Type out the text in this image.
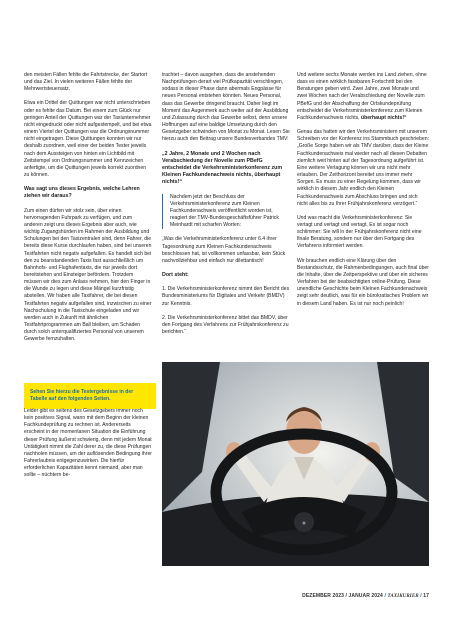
den meisten Fällen fehlte die Fahrtstrecke, der Startort und das Ziel. In vielen weiteren Fällen fehlte der Mehrwertsteuersatz.

Etwa ein Drittel der Quittungen war nicht unterschrieben oder es fehlte das Datum. Bei einem zum Glück nur geringen Anteil der Quittungen war der Taxiunternehmer nicht eingedruckt oder nicht aufgestempelt, und bei etwa einem Viertel der Quittungen war die Ordnungsnummer nicht eingetragen. Diese Quittungen konnten wir nur deshalb zuordnen, weil einer der beiden Tester jeweils nach dem Aussteigen von hinten ein Lichtbild mit Zeitstempel von Ordnungsnummer und Kennzeichen anfertigte, um die Quittungen jeweils korrekt zuordnen zu können.

Was sagt uns dieses Ergebnis, welche Lehren ziehen wir daraus?

Zum einen dürfen wir stolz sein, über einen hervorragenden Fuhrpark zu verfügen, und zum anderen zeigt uns dieses Ergebnis aber auch, wie wichtig Zugangshürden im Rahmen der Ausbildung und Schulungen bei den Taxizentralen sind, denn Fahrer, die bereits diese Kurse durchlaufen haben, sind bei unseren Testfahrten nicht negativ aufgefallen. Es handelt sich bei den zu beanstandenden Taxis fast ausschließlich um Bahnhofs- und Flughafentaxis, die nur jeweils dort bereitstehen und Einsteiger befördern. Trotzdem müssen wir dies zum Anlass nehmen, hier den Finger in die Wunde zu legen und diese Mängel kurzfristig abstellen. Wir haben alle Taxifahrer, die bei diesen Testfahrten negativ aufgefallen sind, inzwischen zu einer Nachschulung in die Taxischule eingeladen und wir werden auch in Zukunft mit ähnlichen Testfahrtprogrammen am Ball bleiben, um Schaden durch solch unterqualifiziertes Personal von unserem Gewerbe fernzuhalten.

Sehen Sie hierzu die Testergebnisse in der Tabelle auf den folgenden Seiten.

Leider gibt es seitens des Gesetzgebers immer noch kein positives Signal, wann mit dem Beginn der kleinen Fachkundeprüfung zu rechnen ist. Andererseits erscheint in der momentanen Situation die Einführung dieser Prüfung äußerst schwierig, denn mit jedem Monat Untätigkeit nimmt die Zahl derer zu, die diese Prüfungen nachholen müssen, um der auflösenden Bedingung ihrer Fahrerlaubnis entgegenzuwirken. Die hierfür erforderlichen Kapazitäten kennt niemand, aber man sollte – nüchtern be-

trachtet – davon ausgehen, dass die anstehenden Nachprüfungen derart viel Prüfkapazität verschlingen, sodass in dieser Phase dann abermals Engpässe für neues Personal entstehen könnten. Neues Personal, dass das Gewerbe dringend braucht. Daher liegt im Moment das Augenmerk auch weiter auf der Ausbildung und Zulassung durch das Gewerbe selbst, denn unsere Hoffnungen auf eine baldige Umsetzung durch den Gesetzgeber schwinden von Monat zu Monat. Lesen Sie hierzu auch den Beitrag unsere Bundesverbandes TMV:

„2 Jahre, 2 Monate und 2 Wochen nach Verabschiedung der Novelle zum PBefG entscheidet die Verkehrsministerkonferenz zum Kleinen Fachkundenachweis nichts, überhaupt nichts!“

Nachdem jetzt der Beschluss der Verkehrsministerkonferenz zum Kleinen Fachkundenachweis veröffentlicht worden ist, reagiert der TMV-Bundesgeschäftsführer Patrick Meinhardt mit scharfen Worten:

„Was die Verkehrsministerkonferenz unter 6.4 ihrer Tagesordnung zum Kleinen Fachkundenachweis beschlossen hat, ist vollkommen unfassbar, kein Stück nachvollziehbar und einfach nur dilettantisch!

Dort steht:

1. Die Verkehrsministerkonferenz nimmt den Bericht des Bundesministeriums für Digitales und Verkehr (BMDV) zur Kenntnis.

2. Die Verkehrsministerkonferenz bittet das BMDV, über den Fortgang des Verfahrens zur Frühjahrskonferenz zu berichten.“

Und weitere sechs Monate werden ins Land ziehen, ohne dass es einen wirklich fassbaren Fortschritt bei den Beratungen geben wird. Zwei Jahre, zwei Monate und zwei Wochen nach der Verabschiedung der Novelle zum PBefG und der Abschaffung der Ortskundeprüfung entscheidet die Verkehrsministerkonferenz zum Kleinen Fachkundenachweis nichts, überhaupt nichts!“

Genau das hatten wir den Verkehrsministern mit unserem Schreiben vor der Konferenz ins Stammbuch geschrieben: „Große Sorge haben wir als TMV darüber, dass der Kleine Fachkundenachweis mal wieder nach all diesen Debatten ziemlich weit hinten auf der Tagesordnung aufgeführt ist. Eine weitere Vertagung können wir uns nicht mehr erlauben. Der Zeithorizont bereitet uns immer mehr Sorgen. Es muss zu einer Regelung kommen, dass wir wirklich in diesem Jahr endlich den Kleinen Fachkundenachweis zum Abschluss bringen und sich nicht alles bis zu Ihrer Frühjahrskonferenz verzögert.“

Und was macht die Verkehrsministerkonferenz: Sie vertagt und vertagt und vertagt. Es ist sogar noch schlimmer: Sie will in der Frühjahrskonferenz nicht eine finale Beratung, sondern nur über den Fortgang des Verfahrens informiert werden.

Wir brauchen endlich eine Klärung über den Bestandsschutz, die Rahmenbedingungen, auch final über die Inhalte, über die Zeitperspektive und über ein sicheres Verfahren bei der beabsichtigten online-Prüfung. Diese unendliche Geschichte beim Kleinen Fachkundenachweis zeigt sehr deutlich, was für ein bürokratisches Problem wir in diesem Land haben. Es ist nur noch peinlich!

●
DEZEMBER 2023 / JANUAR 2024 / TAXIKURIER / 17
